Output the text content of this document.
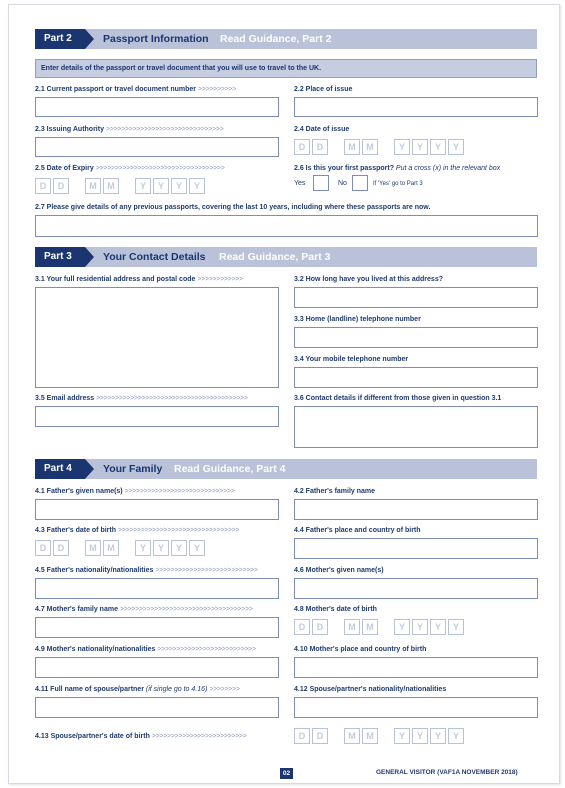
Part 2	Passport Information Read Guidance, Part 2
Enter details of the passport or travel document that you will use to travel to the UK.
2.1 Current passport or travel document number >>>>>>>>>>	2.2 Place of issue
2.3 Issuing Authority >>>>>>>>>>>>>>>>>>>>>>>>>>>>>>>	2.4 Date of issue
D	D	M	M	Y	Y	Y	Y
2.5 Date of Expiry >>>>>>>>>>>>>>>>>>>>>>>>>>>>>>>>>>
D	D	M	M	Y	Y	Y	Y
2.6 Is this your first passport? Put a cross (x) in the relevant box
Yes	No	If 'Yes' go to Part 3
2.7 Please give details of any previous passports, covering the last 10 years, including where these passports are now.
Part 3	Your Contact Details Read Guidance, Part 3
3.1 Your full residential address and postal code >>>>>>>>>>>>	3.2 How long have you lived at this address?
3.3 Home (landline) telephone number
3.4 Your mobile telephone number
3.5 Email address >>>>>>>>>>>>>>>>>>>>>>>>>>>>>>>>>>>>>>>>	3.6 Contact details if different from those given in question 3.1
Part 4	Your Family Read Guidance, Part 4
4.1 Father's given name(s) >>>>>>>>>>>>>>>>>>>>>>>>>>>>>	4.2 Father's family name
4.3 Father's date of birth >>>>>>>>>>>>>>>>>>>>>>>>>>>>>>>>
D	D	M	M	Y	Y	Y	Y
4.4 Father's place and country of birth
4.5 Father's nationality/nationalities >>>>>>>>>>>>>>>>>>>>>>>>>>>	4.6 Mother's given name(s)
4.7 Mother's family name >>>>>>>>>>>>>>>>>>>>>>>>>>>>>>>>>>>	4.8 Mother's date of birth
D	D	M	M	Y	Y	Y	Y
4.9 Mother's nationality/nationalities >>>>>>>>>>>>>>>>>>>>>>>>>>	4.10 Mother's place and country of birth
4.11 Full name of spouse/partner (if single go to 4.16) >>>>>>>>	4.12 Spouse/partner's nationality/nationalities
4.13 Spouse/partner's date of birth >>>>>>>>>>>>>>>>>>>>>>>>>	D	D	M	M	Y	Y	Y	Y
02	GENERAL VISITOR (VAF1A NOVEMBER 2018)
